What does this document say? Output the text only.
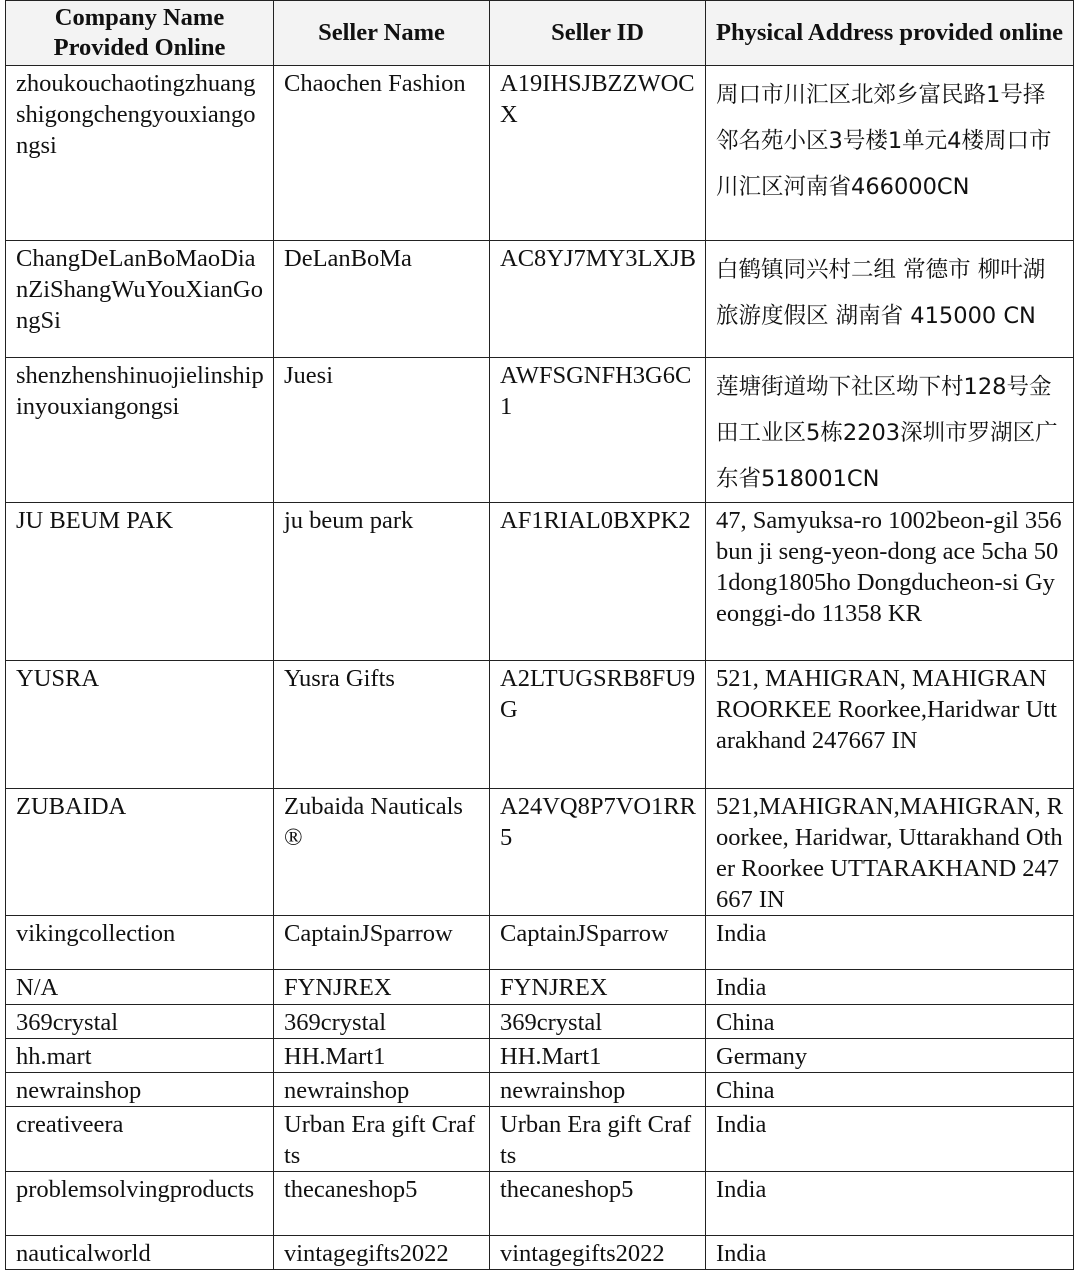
Company Name Provided Online	Seller Name	Seller ID	Physical Address provided online
zhoukouchaotingzhuangshigongchengyouxiangongsi	Chaochen Fashion	A19IHSJBZZWOCX	周口市川汇区北郊乡富民路1号择邻名苑小区3号楼1单元4楼周口市川汇区河南省466000CN
ChangDeLanBoMaoDianZiShangWuYouXianGongSi	DeLanBoMa	AC8YJ7MY3LXJB	白鹤镇同兴村二组 常德市 柳叶湖旅游度假区 湖南省 415000 CN
shenzhenshinuojielinshipinyouxiangongsi	Juesi	AWFSGNFH3G6C1	莲塘街道坳下社区坳下村128号金田工业区5栋2203深圳市罗湖区广东省518001CN
JU BEUM PAK	ju beum park	AF1RIAL0BXPK2	47, Samyuksa-ro 1002beon-gil 356 bun ji seng-yeon-dong ace 5cha 501dong1805ho Dongducheon-si Gyeonggi-do 11358 KR
YUSRA	Yusra Gifts	A2LTUGSRB8FU9G	521, MAHIGRAN, MAHIGRAN ROORKEE Roorkee,Haridwar Uttarakhand 247667 IN
ZUBAIDA	Zubaida Nauticals®	A24VQ8P7VO1RR5	521,MAHIGRAN,MAHIGRAN, Roorkee, Haridwar, Uttarakhand Other Roorkee UTTARAKHAND 247667 IN
vikingcollection	CaptainJSparrow	CaptainJSparrow	India
N/A	FYNJREX	FYNJREX	India
369crystal	369crystal	369crystal	China
hh.mart	HH.Mart1	HH.Mart1	Germany
newrainshop	newrainshop	newrainshop	China
creativeera	Urban Era gift Crafts	Urban Era gift Crafts	India
problemsolvingproducts	thecaneshop5	thecaneshop5	India
nauticalworld	vintagegifts2022	vintagegifts2022	India
